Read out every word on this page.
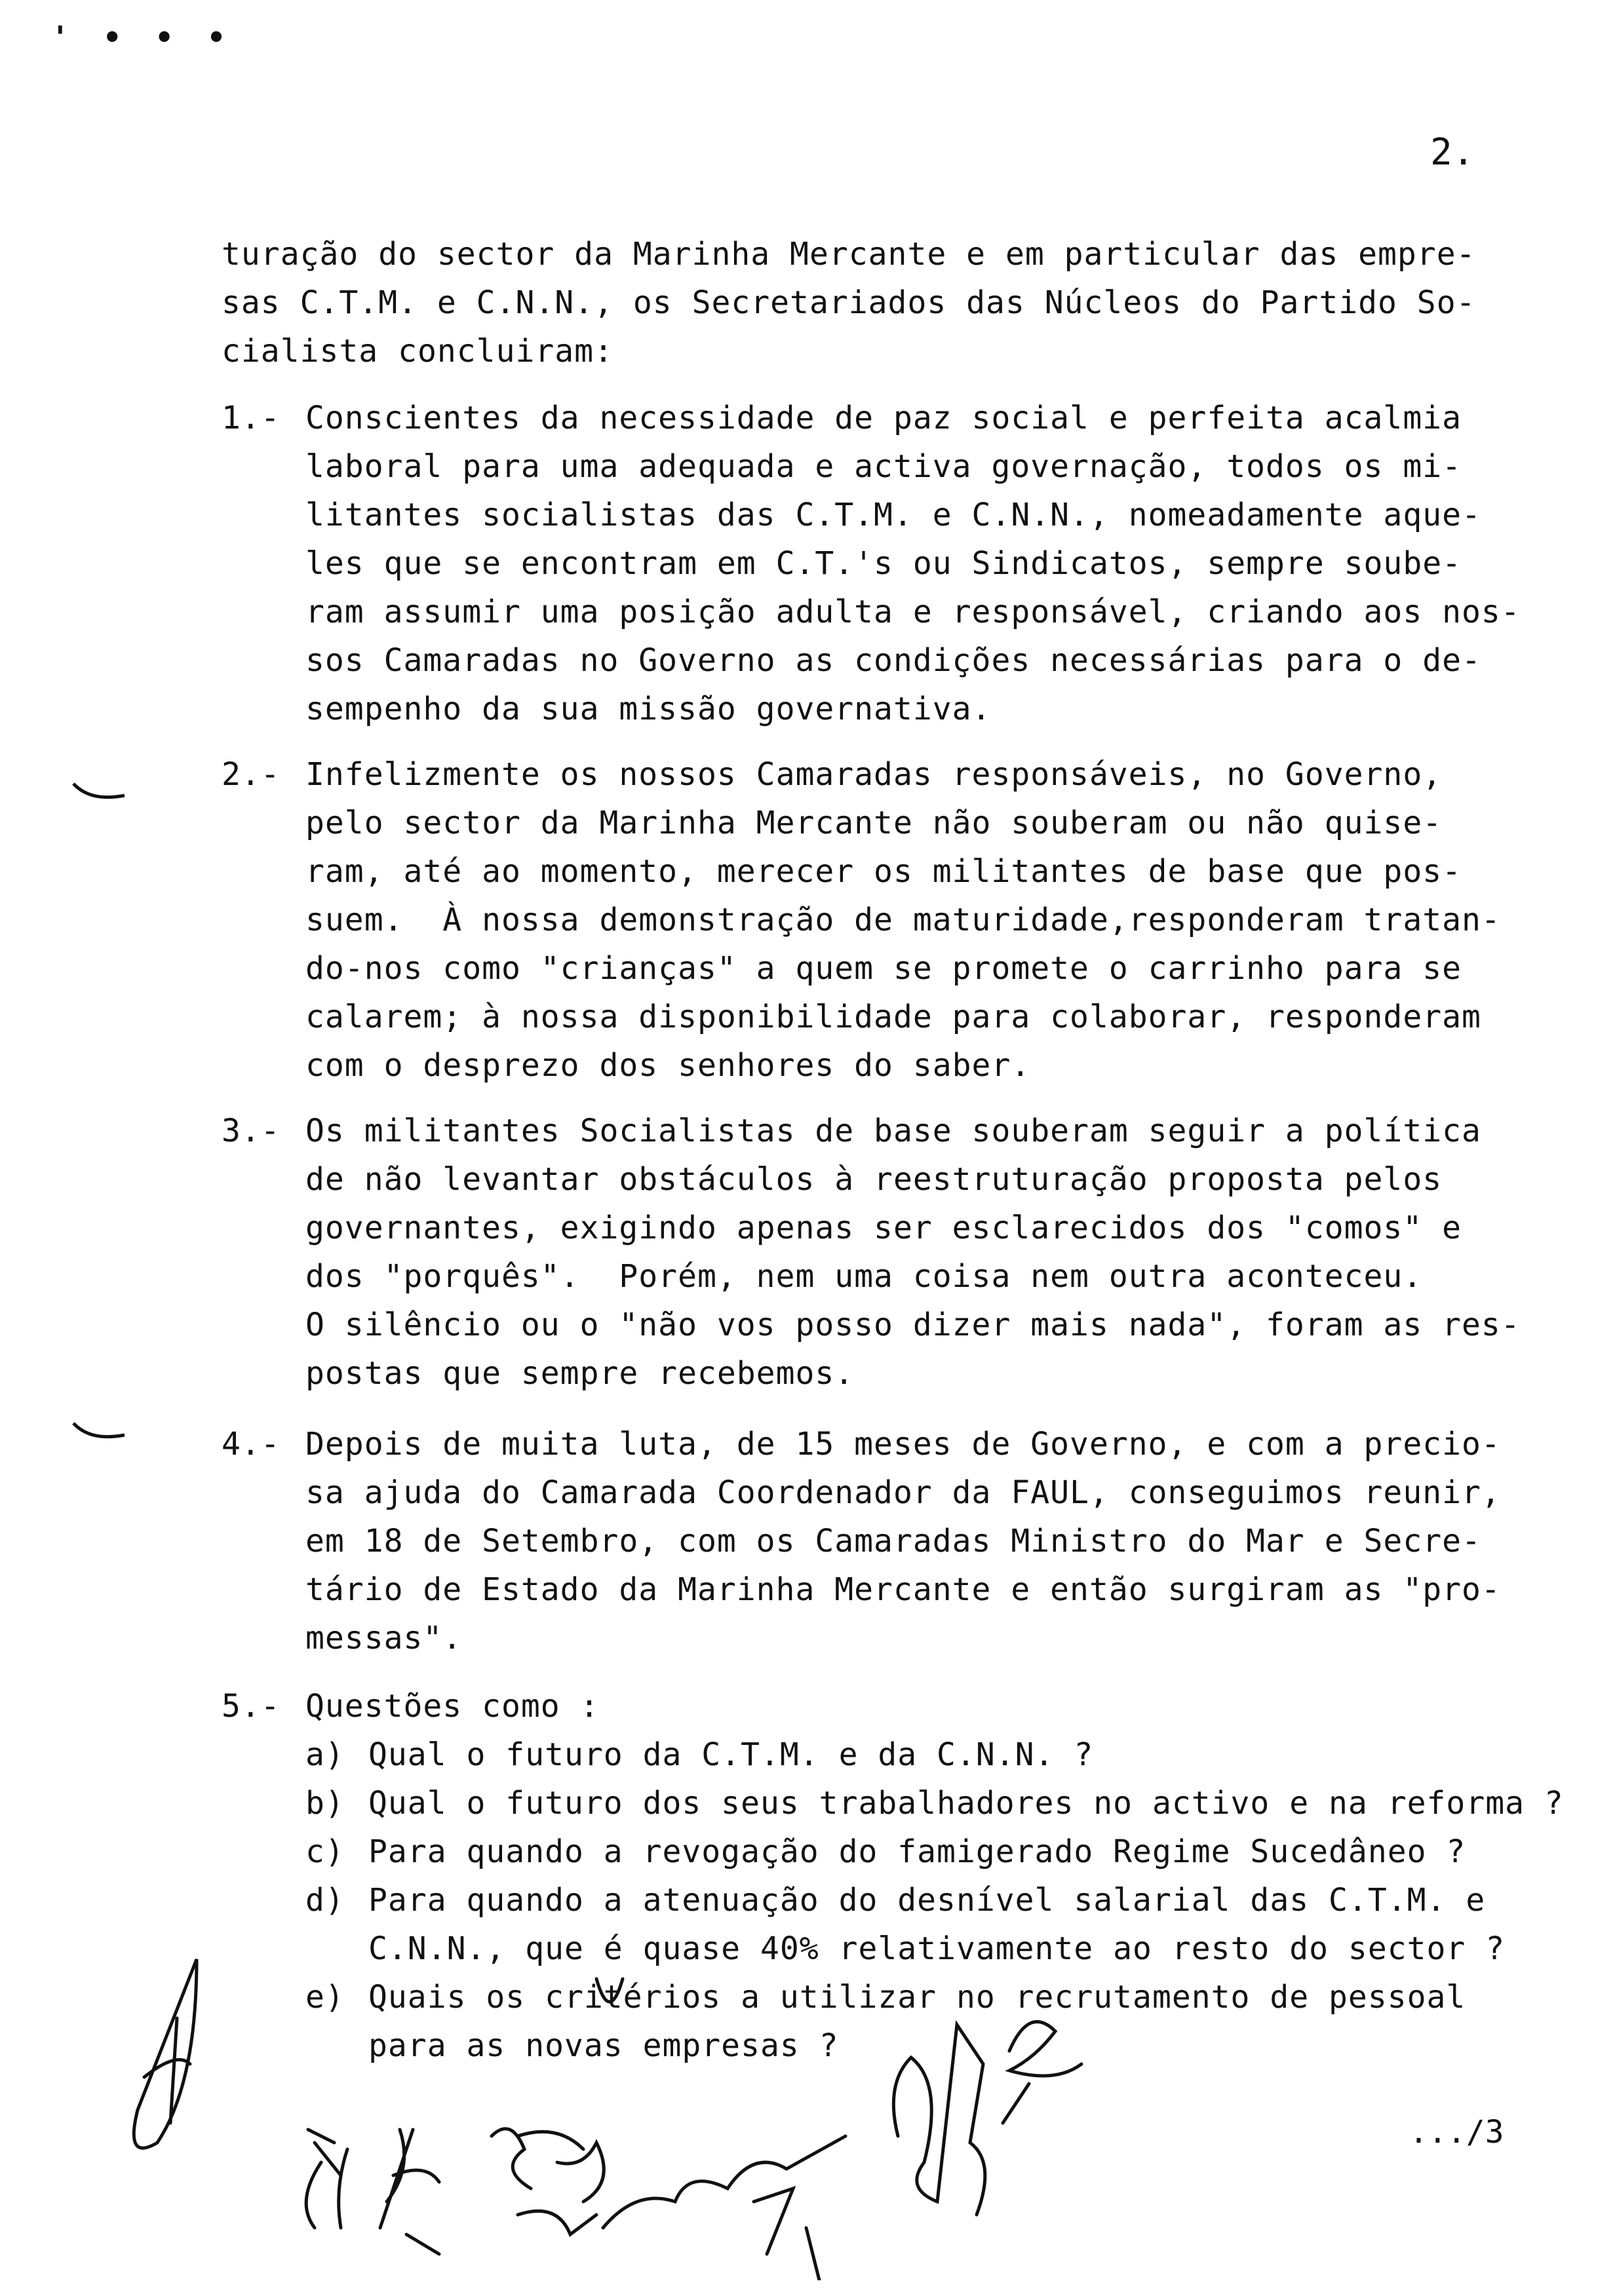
' • • •
2.
turação do sector da Marinha Mercante e em particular das empre-
sas C.T.M. e C.N.N., os Secretariados das Núcleos do Partido So-
cialista concluiram:
1.- Conscientes da necessidade de paz social e perfeita acalmia
laboral para uma adequada e activa governação, todos os mi-
litantes socialistas das C.T.M. e C.N.N., nomeadamente aque-
les que se encontram em C.T.'s ou Sindicatos, sempre soube-
ram assumir uma posição adulta e responsável, criando aos nos-
sos Camaradas no Governo as condições necessárias para o de-
sempenho da sua missão governativa.
2.- Infelizmente os nossos Camaradas responsáveis, no Governo,
pelo sector da Marinha Mercante não souberam ou não quise-
ram, até ao momento, merecer os militantes de base que pos-
suem.  À nossa demonstração de maturidade,responderam tratan-
do-nos como "crianças" a quem se promete o carrinho para se
calarem; à nossa disponibilidade para colaborar, responderam
com o desprezo dos senhores do saber.
3.- Os militantes Socialistas de base souberam seguir a política
de não levantar obstáculos à reestruturação proposta pelos
governantes, exigindo apenas ser esclarecidos dos "comos" e
dos "porquês".  Porém, nem uma coisa nem outra aconteceu.
O silêncio ou o "não vos posso dizer mais nada", foram as res-
postas que sempre recebemos.
4.- Depois de muita luta, de 15 meses de Governo, e com a precio-
sa ajuda do Camarada Coordenador da FAUL, conseguimos reunir,
em 18 de Setembro, com os Camaradas Ministro do Mar e Secre-
tário de Estado da Marinha Mercante e então surgiram as "pro-
messas".
5.- Questões como :
a) Qual o futuro da C.T.M. e da C.N.N. ?
b) Qual o futuro dos seus trabalhadores no activo e na reforma ?
c) Para quando a revogação do famigerado Regime Sucedâneo ?
d) Para quando a atenuação do desnível salarial das C.T.M. e
C.N.N., que é quase 40% relativamente ao resto do sector ?
e) Quais os critérios a utilizar no recrutamento de pessoal
para as novas empresas ?
.../3
